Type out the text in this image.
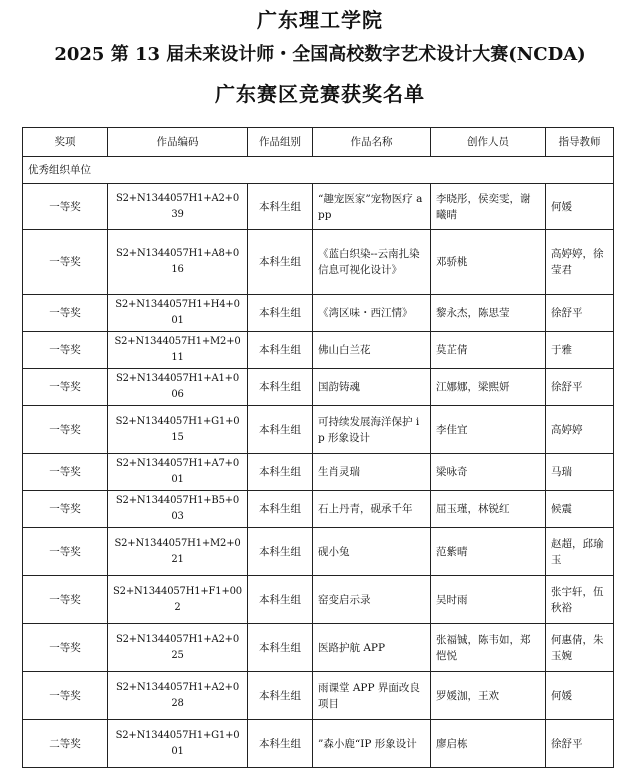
广东理工学院
2025 第 13 届未来设计师・全国高校数字艺术设计大赛(NCDA)
广东赛区竞赛获奖名单
奖项	作品编码	作品组别	作品名称	创作人员	指导教师
优秀组织单位					
一等奖	S2+N1344057H1+A2+039	本科生组	“趣宠医家”宠物医疗 app	李晓彤，侯奕雯，谢曦晴	何媛
一等奖	S2+N1344057H1+A8+016	本科生组	《蓝白织染--云南扎染信息可视化设计》	邓骄桃	高婷婷，徐莹君
一等奖	S2+N1344057H1+H4+001	本科生组	《湾区味・西江情》	黎永杰，陈思莹	徐舒平
一等奖	S2+N1344057H1+M2+011	本科生组	佛山白兰花	莫芷倩	于雅
一等奖	S2+N1344057H1+A1+006	本科生组	国韵铸魂	江娜娜，梁熙妍	徐舒平
一等奖	S2+N1344057H1+G1+015	本科生组	可持续发展海洋保护 ip 形象设计	李佳宜	高婷婷
一等奖	S2+N1344057H1+A7+001	本科生组	生肖灵瑞	梁咏奇	马瑞
一等奖	S2+N1344057H1+B5+003	本科生组	石上丹青，砚承千年	屈玉瑾，林锐红	候震
一等奖	S2+N1344057H1+M2+021	本科生组	砚小兔	范紫晴	赵超，邱瑜玉
一等奖	S2+N1344057H1+F1+002	本科生组	窑变启示录	吴时雨	张宇轩，伍秋裕
一等奖	S2+N1344057H1+A2+025	本科生组	医路护航 APP	张福铖，陈韦如，郑恺悦	何惠倩，朱玉婉
一等奖	S2+N1344057H1+A2+028	本科生组	雨课堂 APP 界面改良项目	罗媛泇，王欢	何媛
二等奖	S2+N1344057H1+G1+001	本科生组	”森小鹿“IP 形象设计	廖启栋	徐舒平
